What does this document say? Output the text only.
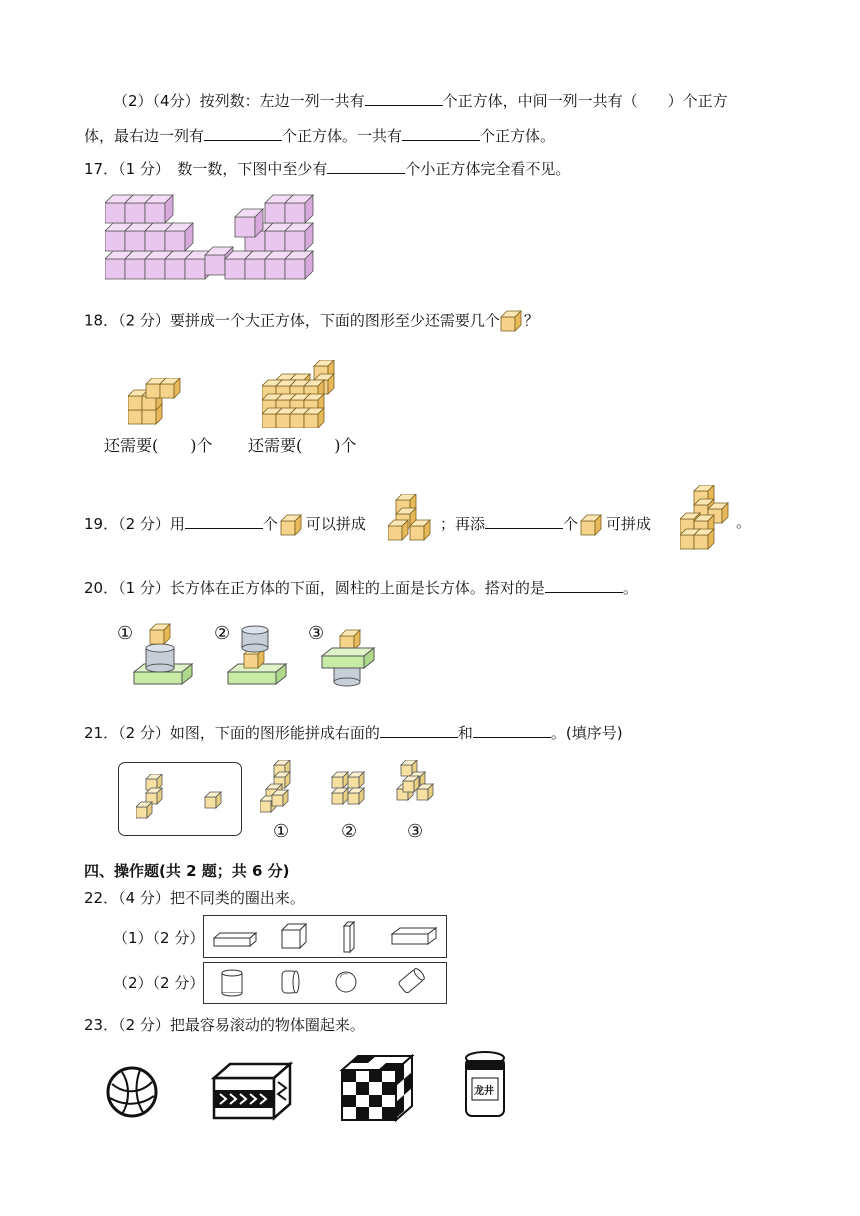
（2）（4分）按列数：左边一列一共有	个正方体，中间一列一共有（　　）个正方
体，最右边一列有	个正方体。一共有	个正方体。
17．（1 分）　数一数，下图中至少有	个小正方体完全看不见。
18．（2 分）要拼成一个大正方体，下面的图形至少还需要几个 ？
还需要(　　)个 还需要(　　)个
19．（2 分）用	个 可以拼成	；再添	个 可拼成	。
20．（1 分）长方体在正方体的下面，圆柱的上面是长方体。搭对的是	。
①	②	③
21．（2 分）如图，下面的图形能拼成右面的	和	。(填序号)
①	②	③
四、操作题(共 2 题；共 6 分)
22．（4 分）把不同类的圈出来。
（1）（2 分）
（2）（2 分）
23．（2 分）把最容易滚动的物体圈起来。
龙井
